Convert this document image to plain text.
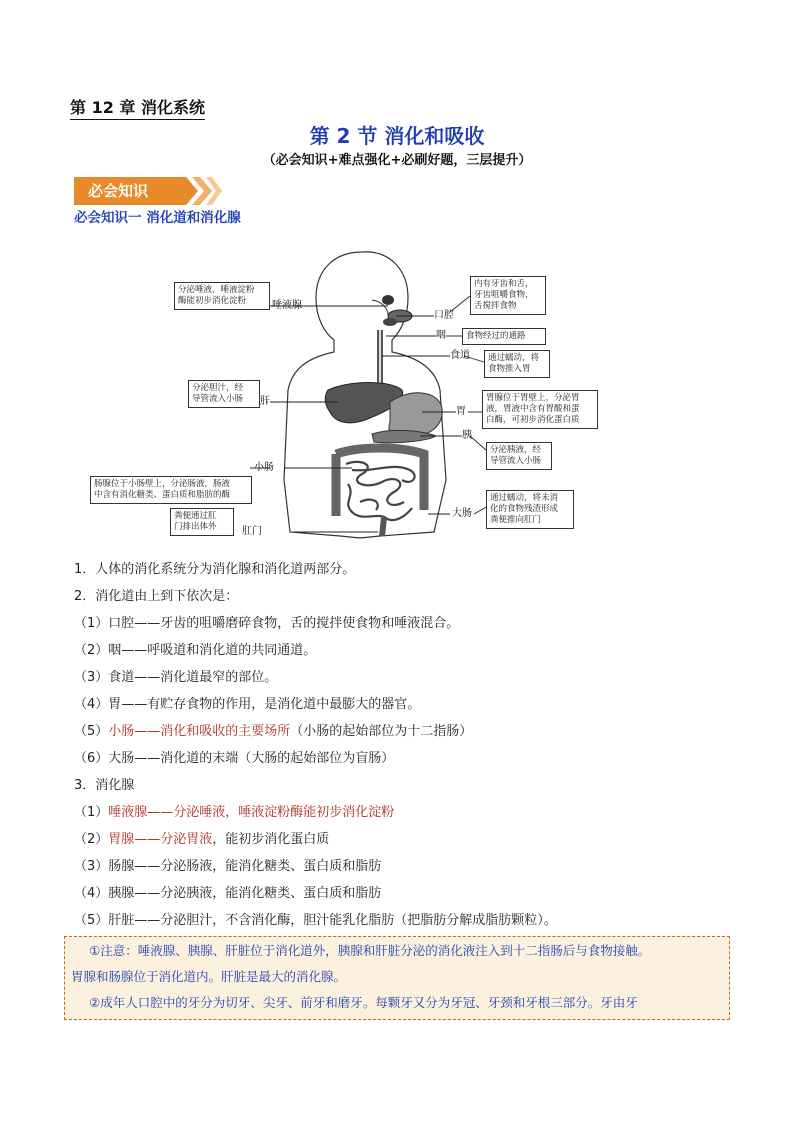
第 12 章 消化系统
第 2 节 消化和吸收
（必会知识+难点强化+必刷好题，三层提升）
必会知识
必会知识一 消化道和消化腺
分泌唾液，唾液淀粉
酶能初步消化淀粉	唾液腺
内有牙齿和舌，
牙齿咀嚼食物，
舌搅拌食物
口腔
咽	食物经过的通路
食道	通过蠕动，将
食物推入胃
分泌胆汁，经
导管流入小肠	肝
胃
胃腺位于胃壁上，分泌胃
液，胃液中含有胃酸和蛋
白酶，可初步消化蛋白质
胰
分泌胰液，经
导管流入小肠
小肠
肠腺位于小肠壁上，分泌肠液，肠液
中含有消化糖类、蛋白质和脂肪的酶
粪便通过肛
门排出体外	肛门
大肠
通过蠕动，将未消
化的食物残渣形成
粪便推向肛门
1．人体的消化系统分为消化腺和消化道两部分。
2．消化道由上到下依次是：
（1）口腔——牙齿的咀嚼磨碎食物，舌的搅拌使食物和唾液混合。
（2）咽——呼吸道和消化道的共同通道。
（3）食道——消化道最窄的部位。
（4）胃——有贮存食物的作用，是消化道中最膨大的器官。
（5）小肠——消化和吸收的主要场所（小肠的起始部位为十二指肠）
（6）大肠——消化道的末端（大肠的起始部位为盲肠）
3．消化腺
（1）唾液腺——分泌唾液，唾液淀粉酶能初步消化淀粉
（2）胃腺——分泌胃液，能初步消化蛋白质
（3）肠腺——分泌肠液，能消化糖类、蛋白质和脂肪
（4）胰腺——分泌胰液，能消化糖类、蛋白质和脂肪
（5）肝脏——分泌胆汁，不含消化酶，胆汁能乳化脂肪（把脂肪分解成脂肪颗粒）。
①注意：唾液腺、胰腺、肝脏位于消化道外，胰腺和肝脏分泌的消化液注入到十二指肠后与食物接触。
胃腺和肠腺位于消化道内。肝脏是最大的消化腺。
②成年人口腔中的牙分为切牙、尖牙、前牙和磨牙。每颗牙又分为牙冠、牙颈和牙根三部分。牙由牙
